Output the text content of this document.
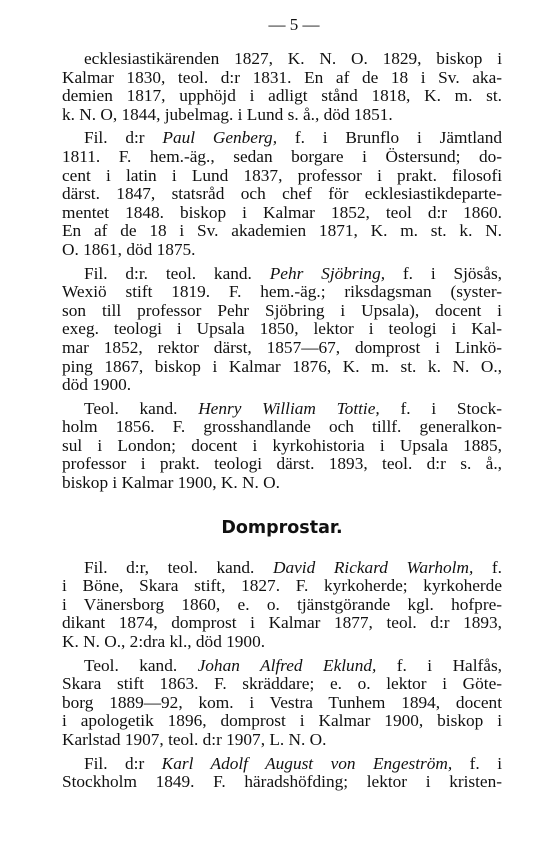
— 5 —
ecklesiastikärenden 1827, K. N. O. 1829, biskop i
Kalmar 1830, teol. d:r 1831. En af de 18 i Sv. aka-
demien 1817, upphöjd i adligt stånd 1818, K. m. st.
k. N. O, 1844, jubelmag. i Lund s. å., död 1851.
Fil. d:r Paul Genberg, f. i Brunflo i Jämtland
1811. F. hem.-äg., sedan borgare i Östersund; do-
cent i latin i Lund 1837, professor i prakt. filosofi
därst. 1847, statsråd och chef för ecklesiastikdeparte-
mentet 1848. biskop i Kalmar 1852, teol d:r 1860.
En af de 18 i Sv. akademien 1871, K. m. st. k. N.
O. 1861, död 1875.
Fil. d:r. teol. kand. Pehr Sjöbring, f. i Sjösås,
Wexiö stift 1819. F. hem.-äg.; riksdagsman (syster-
son till professor Pehr Sjöbring i Upsala), docent i
exeg. teologi i Upsala 1850, lektor i teologi i Kal-
mar 1852, rektor därst, 1857—67, domprost i Linkö-
ping 1867, biskop i Kalmar 1876, K. m. st. k. N. O.,
död 1900.
Teol. kand. Henry William Tottie, f. i Stock-
holm 1856. F. grosshandlande och tillf. generalkon-
sul i London; docent i kyrkohistoria i Upsala 1885,
professor i prakt. teologi därst. 1893, teol. d:r s. å.,
biskop i Kalmar 1900, K. N. O.
Domprostar.
Fil. d:r, teol. kand. David Rickard Warholm, f.
i Böne, Skara stift, 1827. F. kyrkoherde; kyrkoherde
i Vänersborg 1860, e. o. tjänstgörande kgl. hofpre-
dikant 1874, domprost i Kalmar 1877, teol. d:r 1893,
K. N. O., 2:dra kl., död 1900.
Teol. kand. Johan Alfred Eklund, f. i Halfås,
Skara stift 1863. F. skräddare; e. o. lektor i Göte-
borg 1889—92, kom. i Vestra Tunhem 1894, docent
i apologetik 1896, domprost i Kalmar 1900, biskop i
Karlstad 1907, teol. d:r 1907, L. N. O.
Fil. d:r Karl Adolf August von Engeström, f. i
Stockholm 1849. F. häradshöfding; lektor i kristen-
